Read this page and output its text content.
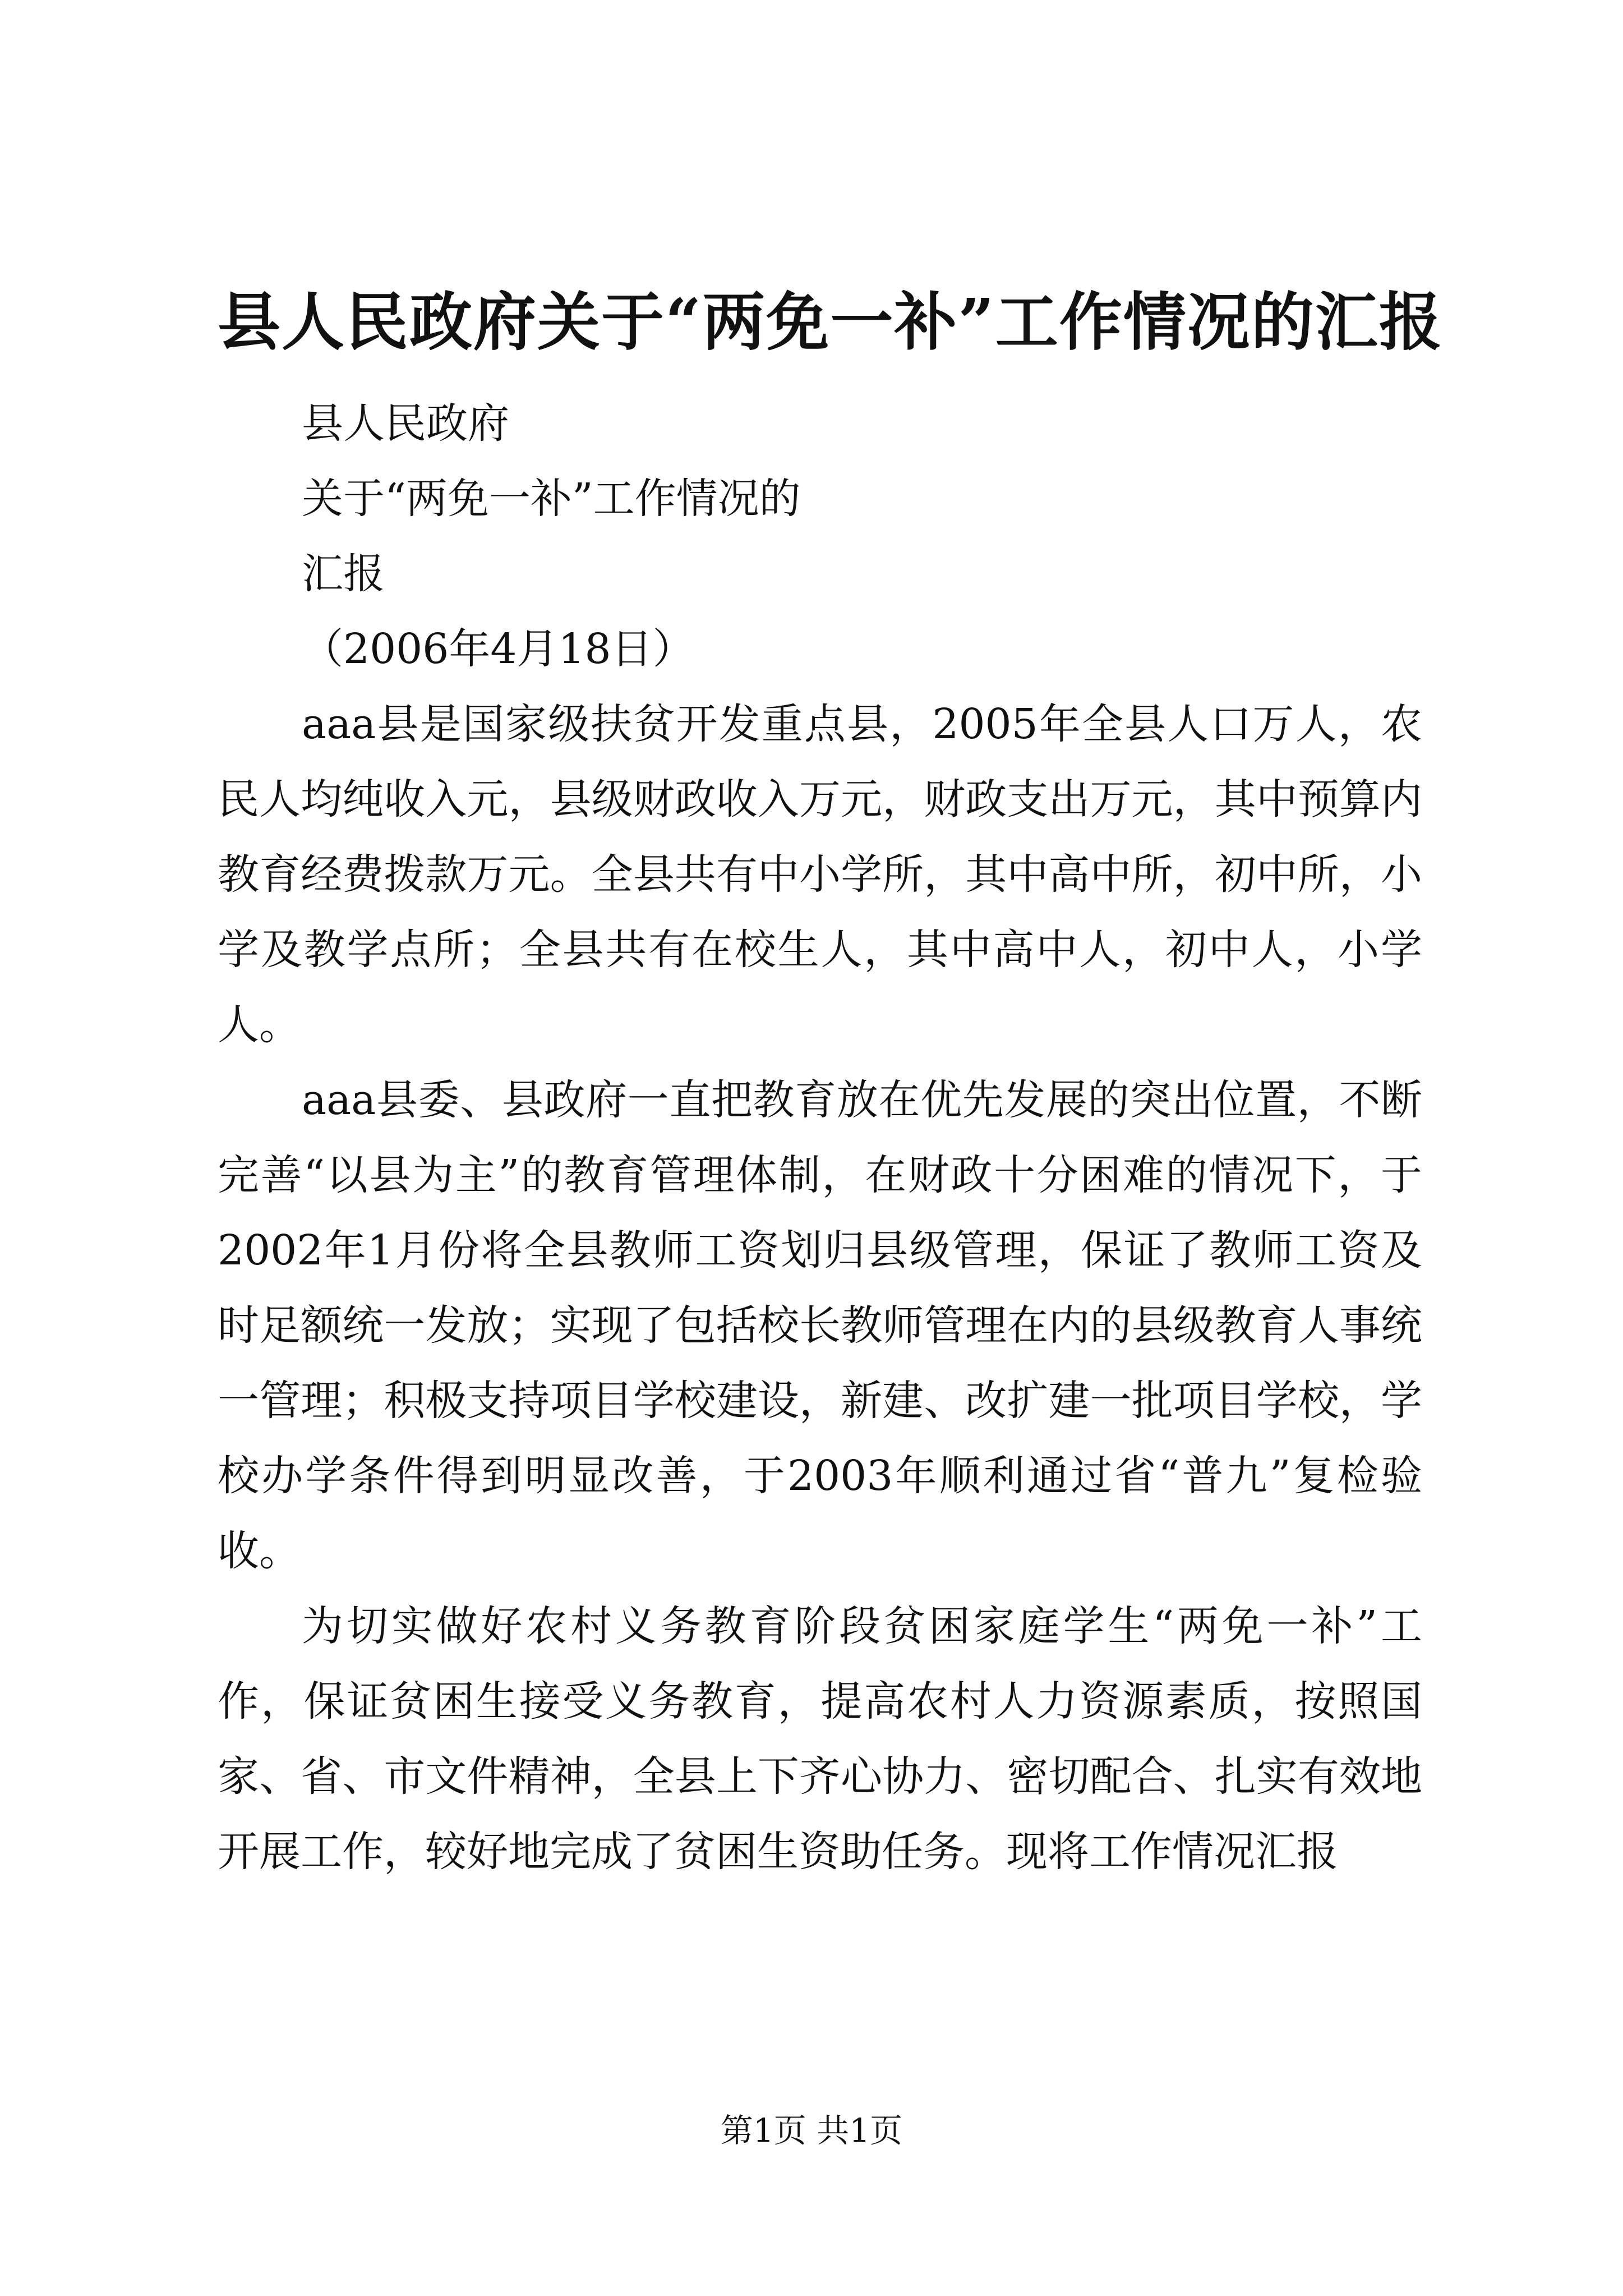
县人民政府关于“两免一补”工作情况的汇报

县人民政府

关于“两免一补”工作情况的

汇报

（2006年4月18日）

aaa县是国家级扶贫开发重点县，2005年全县人口万人，农民人均纯收入元，县级财政收入万元，财政支出万元，其中预算内教育经费拨款万元。全县共有中小学所，其中高中所，初中所，小学及教学点所；全县共有在校生人，其中高中人，初中人，小学人。

aaa县委、县政府一直把教育放在优先发展的突出位置，不断完善“以县为主”的教育管理体制，在财政十分困难的情况下，于2002年1月份将全县教师工资划归县级管理，保证了教师工资及时足额统一发放；实现了包括校长教师管理在内的县级教育人事统一管理；积极支持项目学校建设，新建、改扩建一批项目学校，学校办学条件得到明显改善，于2003年顺利通过省“普九”复检验收。

为切实做好农村义务教育阶段贫困家庭学生“两免一补”工作，保证贫困生接受义务教育，提高农村人力资源素质，按照国家、省、市文件精神，全县上下齐心协力、密切配合、扎实有效地开展工作，较好地完成了贫困生资助任务。现将工作情况汇报

第1页 共1页
